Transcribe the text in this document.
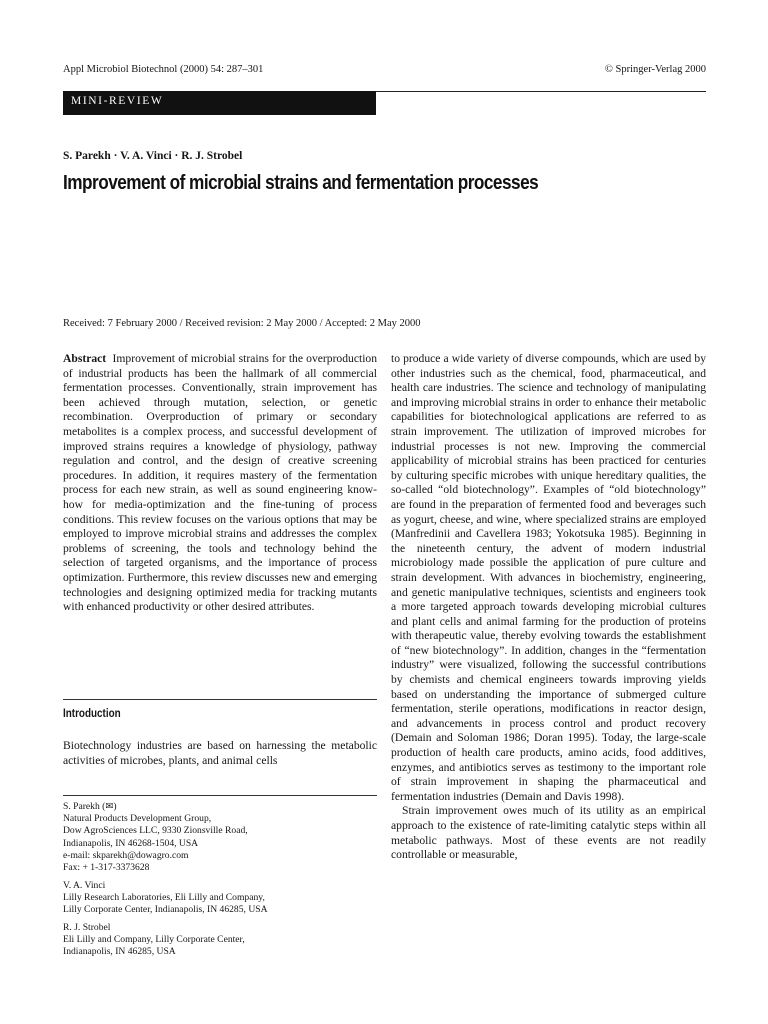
Appl Microbiol Biotechnol (2000) 54: 287–301	© Springer-Verlag 2000
MINI-REVIEW
S. Parekh · V. A. Vinci · R. J. Strobel
Improvement of microbial strains and fermentation processes
Received: 7 February 2000 / Received revision: 2 May 2000 / Accepted: 2 May 2000
Abstract Improvement of microbial strains for the overproduction of industrial products has been the hallmark of all commercial fermentation processes. Conventionally, strain improvement has been achieved through mutation, selection, or genetic recombination. Overproduction of primary or secondary metabolites is a complex process, and successful development of improved strains requires a knowledge of physiology, pathway regulation and control, and the design of creative screening procedures. In addition, it requires mastery of the fermentation process for each new strain, as well as sound engineering know-how for media-optimization and the fine-tuning of process conditions. This review focuses on the various options that may be employed to improve microbial strains and addresses the complex problems of screening, the tools and technology behind the selection of targeted organisms, and the importance of process optimization. Furthermore, this review discusses new and emerging technologies and designing optimized media for tracking mutants with enhanced productivity or other desired attributes.
Introduction
Biotechnology industries are based on harnessing the metabolic activities of microbes, plants, and animal cells
S. Parekh (✉)
Natural Products Development Group,
Dow AgroSciences LLC, 9330 Zionsville Road,
Indianapolis, IN 46268-1504, USA
e-mail: skparekh@dowagro.com
Fax: + 1-317-3373628
V. A. Vinci
Lilly Research Laboratories, Eli Lilly and Company,
Lilly Corporate Center, Indianapolis, IN 46285, USA
R. J. Strobel
Eli Lilly and Company, Lilly Corporate Center,
Indianapolis, IN 46285, USA
to produce a wide variety of diverse compounds, which are used by other industries such as the chemical, food, pharmaceutical, and health care industries. The science and technology of manipulating and improving microbial strains in order to enhance their metabolic capabilities for biotechnological applications are referred to as strain improvement. The utilization of improved microbes for industrial processes is not new. Improving the commercial applicability of microbial strains has been practiced for centuries by culturing specific microbes with unique hereditary qualities, the so-called “old biotechnology”. Examples of “old biotechnology” are found in the preparation of fermented food and beverages such as yogurt, cheese, and wine, where specialized strains are employed (Manfredinii and Cavellera 1983; Yokotsuka 1985). Beginning in the nineteenth century, the advent of modern industrial microbiology made possible the application of pure culture and strain development. With advances in biochemistry, engineering, and genetic manipulative techniques, scientists and engineers took a more targeted approach towards developing microbial cultures and plant cells and animal farming for the production of proteins with therapeutic value, thereby evolving towards the establishment of “new biotechnology”. In addition, changes in the “fermentation industry” were visualized, following the successful contributions by chemists and chemical engineers towards improving yields based on understanding the importance of submerged culture fermentation, sterile operations, modifications in reactor design, and advancements in process control and product recovery (Demain and Soloman 1986; Doran 1995). Today, the large-scale production of health care products, amino acids, food additives, enzymes, and antibiotics serves as testimony to the important role of strain improvement in shaping the pharmaceutical and fermentation industries (Demain and Davis 1998).
Strain improvement owes much of its utility as an empirical approach to the existence of rate-limiting catalytic steps within all metabolic pathways. Most of these events are not readily controllable or measurable,
